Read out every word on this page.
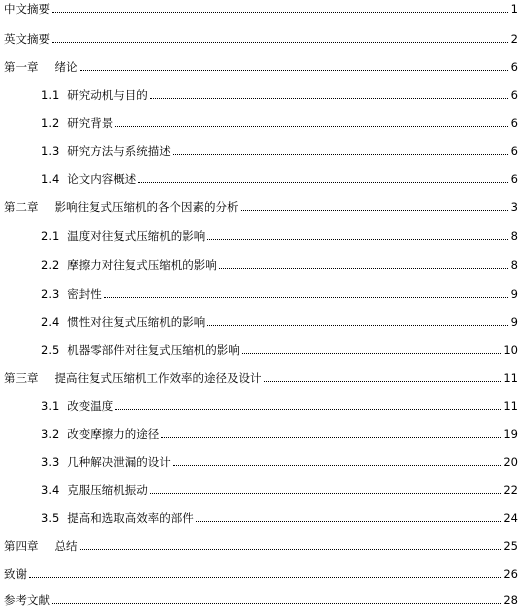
中文摘要	1
英文摘要	2
第一章 绪论	6
1.1 研究动机与目的	6
1.2 研究背景	6
1.3 研究方法与系统描述	6
1.4 论文内容概述	6
第二章 影响往复式压缩机的各个因素的分析	3
2.1 温度对往复式压缩机的影响	8
2.2 摩擦力对往复式压缩机的影响	8
2.3 密封性	9
2.4 惯性对往复式压缩机的影响	9
2.5 机器零部件对往复式压缩机的影响	10
第三章 提高往复式压缩机工作效率的途径及设计	11
3.1 改变温度	11
3.2 改变摩擦力的途径	19
3.3 几种解决泄漏的设计	20
3.4 克服压缩机振动	22
3.5 提高和选取高效率的部件	24
第四章 总结	25
致谢	26
参考文献	28
